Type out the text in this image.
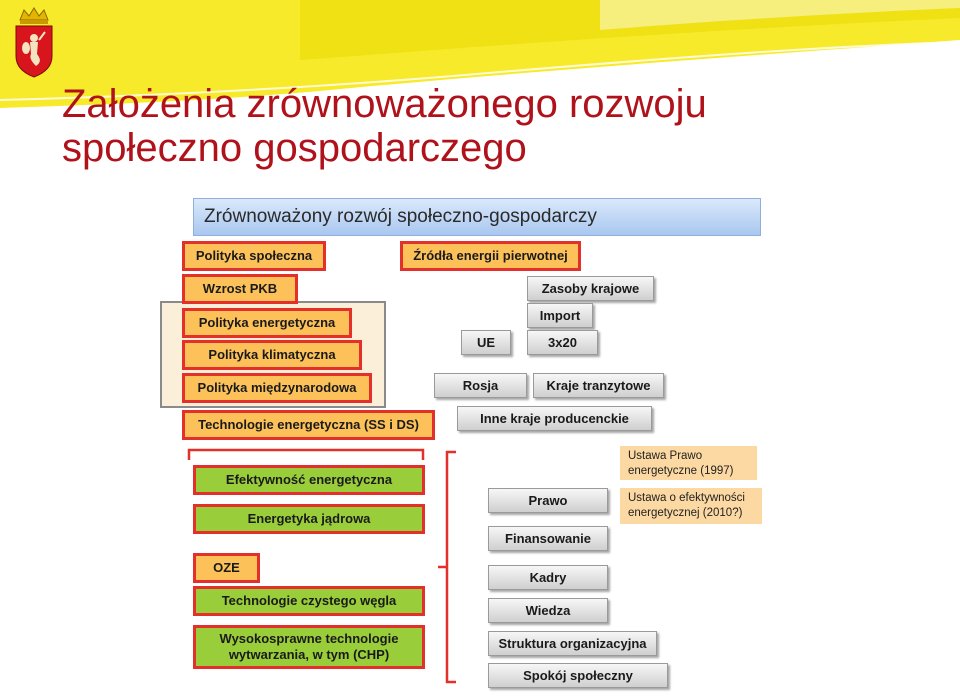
Założenia zrównoważonego rozwoju
społeczno gospodarczego
Zrównoważony rozwój społeczno-gospodarczy
Polityka społeczna
Wzrost PKB
Polityka energetyczna
Polityka klimatyczna
Polityka międzynarodowa
Technologie energetyczna (SS i DS)
Źródła energii pierwotnej
Zasoby krajowe
Import
UE	3x20
Rosja	Kraje tranzytowe
Inne kraje producenckie
Efektywność energetyczna
Energetyka jądrowa
OZE
Technologie czystego węgla
Wysokosprawne technologie
wytwarzania, w tym (CHP)
Prawo
Finansowanie
Kadry
Wiedza
Struktura organizacyjna
Spokój społeczny
Ustawa Prawo
energetyczne (1997)
Ustawa o efektywności
energetycznej (2010?)
